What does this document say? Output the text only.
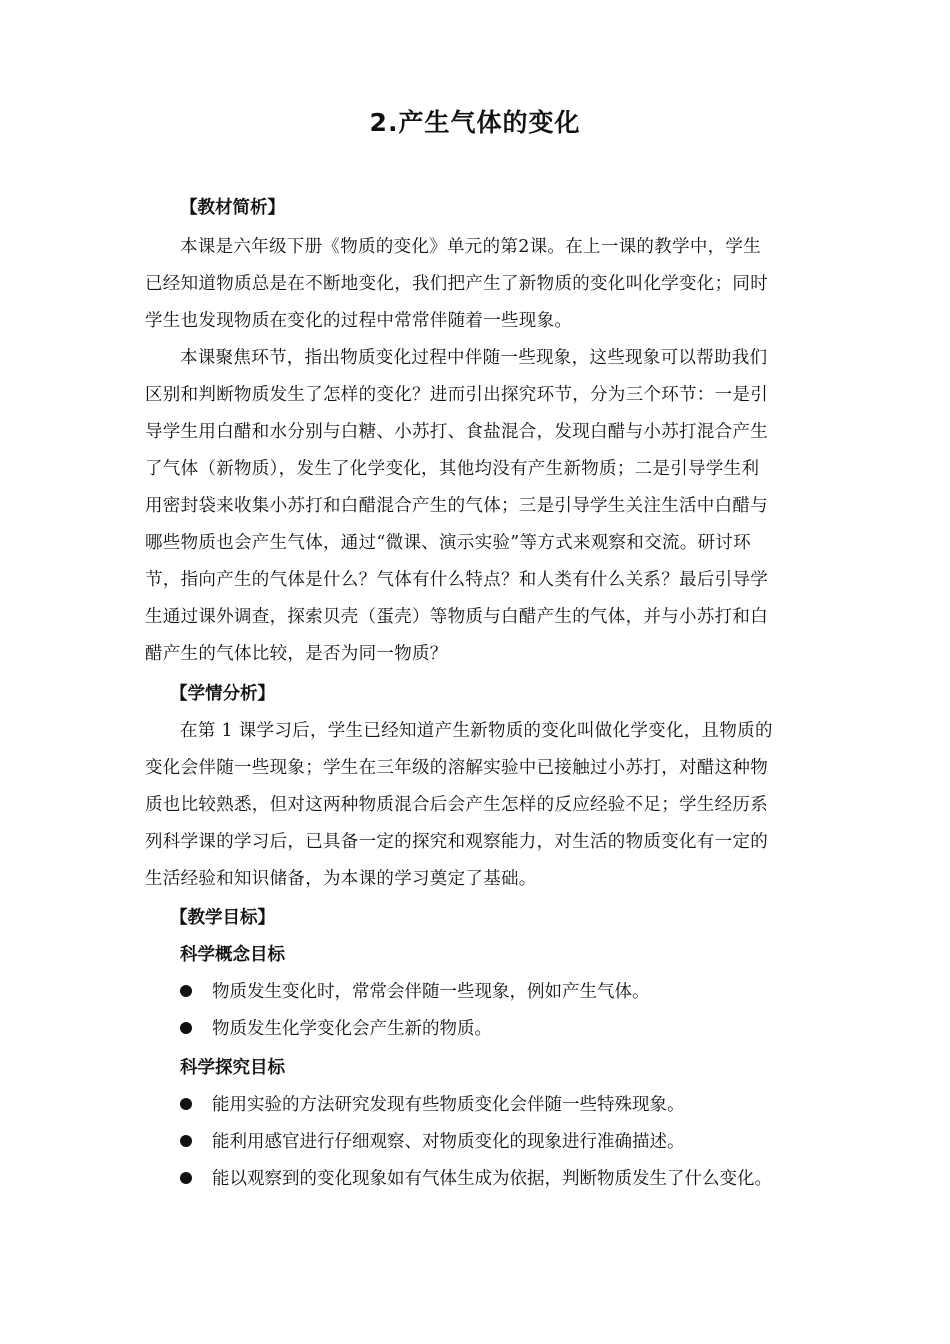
2.产生气体的变化
【教材简析】
本课是六年级下册《物质的变化》单元的第2课。在上一课的教学中，学生
已经知道物质总是在不断地变化，我们把产生了新物质的变化叫化学变化；同时
学生也发现物质在变化的过程中常常伴随着一些现象。
本课聚焦环节，指出物质变化过程中伴随一些现象，这些现象可以帮助我们
区别和判断物质发生了怎样的变化？进而引出探究环节，分为三个环节：一是引
导学生用白醋和水分别与白糖、小苏打、食盐混合，发现白醋与小苏打混合产生
了气体（新物质），发生了化学变化，其他均没有产生新物质；二是引导学生利
用密封袋来收集小苏打和白醋混合产生的气体；三是引导学生关注生活中白醋与
哪些物质也会产生气体，通过“微课、演示实验”等方式来观察和交流。研讨环
节，指向产生的气体是什么？气体有什么特点？和人类有什么关系？最后引导学
生通过课外调查，探索贝壳（蛋壳）等物质与白醋产生的气体，并与小苏打和白
醋产生的气体比较，是否为同一物质？
【学情分析】
在第 1 课学习后，学生已经知道产生新物质的变化叫做化学变化，且物质的
变化会伴随一些现象；学生在三年级的溶解实验中已接触过小苏打，对醋这种物
质也比较熟悉，但对这两种物质混合后会产生怎样的反应经验不足；学生经历系
列科学课的学习后，已具备一定的探究和观察能力，对生活的物质变化有一定的
生活经验和知识储备，为本课的学习奠定了基础。
【教学目标】
科学概念目标
物质发生变化时，常常会伴随一些现象，例如产生气体。
物质发生化学变化会产生新的物质。
科学探究目标
能用实验的方法研究发现有些物质变化会伴随一些特殊现象。
能利用感官进行仔细观察、对物质变化的现象进行准确描述。
能以观察到的变化现象如有气体生成为依据，判断物质发生了什么变化。
